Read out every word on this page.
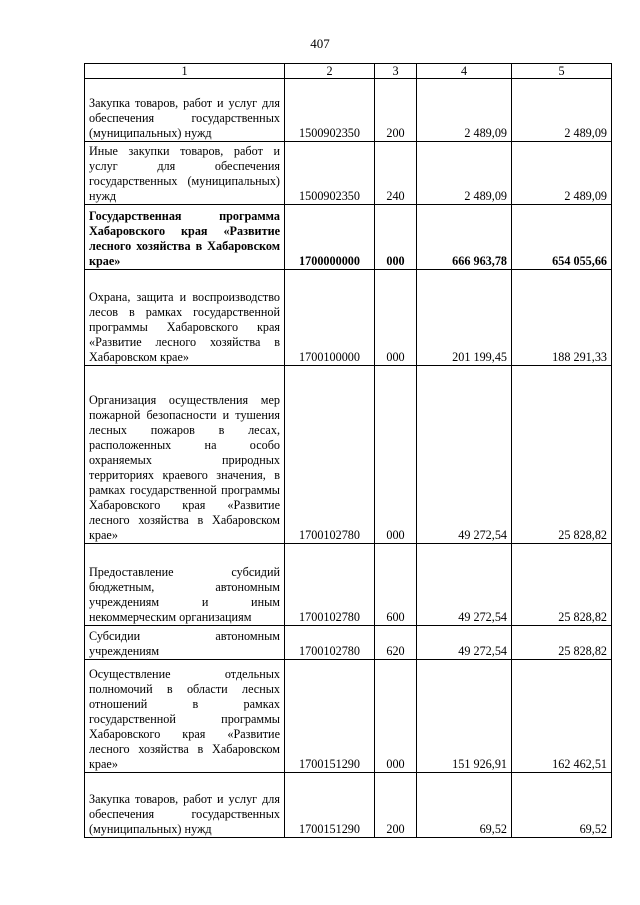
407
1	2	3	4	5
Закупка товаров, работ и услуг для обеспечения государственных (муниципальных) нужд	1500902350	200	2 489,09	2 489,09
Иные закупки товаров, работ и услуг для обеспечения государственных (муниципальных) нужд	1500902350	240	2 489,09	2 489,09
Государственная программа Хабаровского края «Развитие лесного хозяйства в Хабаровском крае»	1700000000	000	666 963,78	654 055,66
Охрана, защита и воспроизводство лесов в рамках государственной программы Хабаровского края «Развитие лесного хозяйства в Хабаровском крае»	1700100000	000	201 199,45	188 291,33
Организация осуществления мер пожарной безопасности и тушения лесных пожаров в лесах, расположенных на особо охраняемых природных территориях краевого значения, в рамках государственной программы Хабаровского края «Развитие лесного хозяйства в Хабаровском крае»	1700102780	000	49 272,54	25 828,82
Предоставление субсидий бюджетным, автономным учреждениям и иным некоммерческим организациям	1700102780	600	49 272,54	25 828,82
Субсидии автономным учреждениям	1700102780	620	49 272,54	25 828,82
Осуществление отдельных полномочий в области лесных отношений в рамках государственной программы Хабаровского края «Развитие лесного хозяйства в Хабаровском крае»	1700151290	000	151 926,91	162 462,51
Закупка товаров, работ и услуг для обеспечения государственных (муниципальных) нужд	1700151290	200	69,52	69,52
